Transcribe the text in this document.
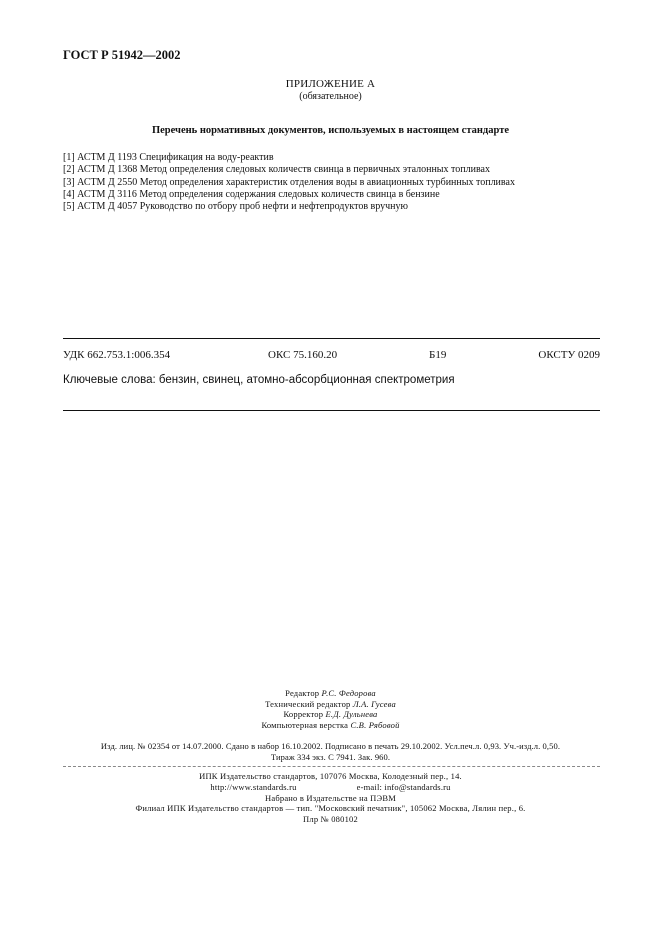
ГОСТ Р 51942—2002
ПРИЛОЖЕНИЕ А
(обязательное)
Перечень нормативных документов, используемых в настоящем стандарте
[1] АСТМ Д 1193 Спецификация на воду-реактив
[2] АСТМ Д 1368 Метод определения следовых количеств свинца в первичных эталонных топливах
[3] АСТМ Д 2550 Метод определения характеристик отделения воды в авиационных турбинных топливах
[4] АСТМ Д 3116 Метод определения содержания следовых количеств свинца в бензине
[5] АСТМ Д 4057 Руководство по отбору проб нефти и нефтепродуктов вручную
УДК 662.753.1:006.354	ОКС 75.160.20	Б19	ОКСТУ 0209
Ключевые слова: бензин, свинец, атомно-абсорбционная спектрометрия
Редактор Р.С. Федорова
Технический редактор Л.А. Гусева
Корректор Е.Д. Дульнева
Компьютерная верстка С.В. Рябовой
Изд. лиц. № 02354 от 14.07.2000. Сдано в набор 16.10.2002. Подписано в печать 29.10.2002. Усл.печ.л. 0,93. Уч.-изд.л. 0,50.
Тираж 334 экз. С 7941. Зак. 960.
ИПК Издательство стандартов, 107076 Москва, Колодезный пер., 14.
http://www.standards.ru	e-mail: info@standards.ru
Набрано в Издательстве на ПЭВМ
Филиал ИПК Издательство стандартов — тип. "Московский печатник", 105062 Москва, Лялин пер., 6.
Плр № 080102
